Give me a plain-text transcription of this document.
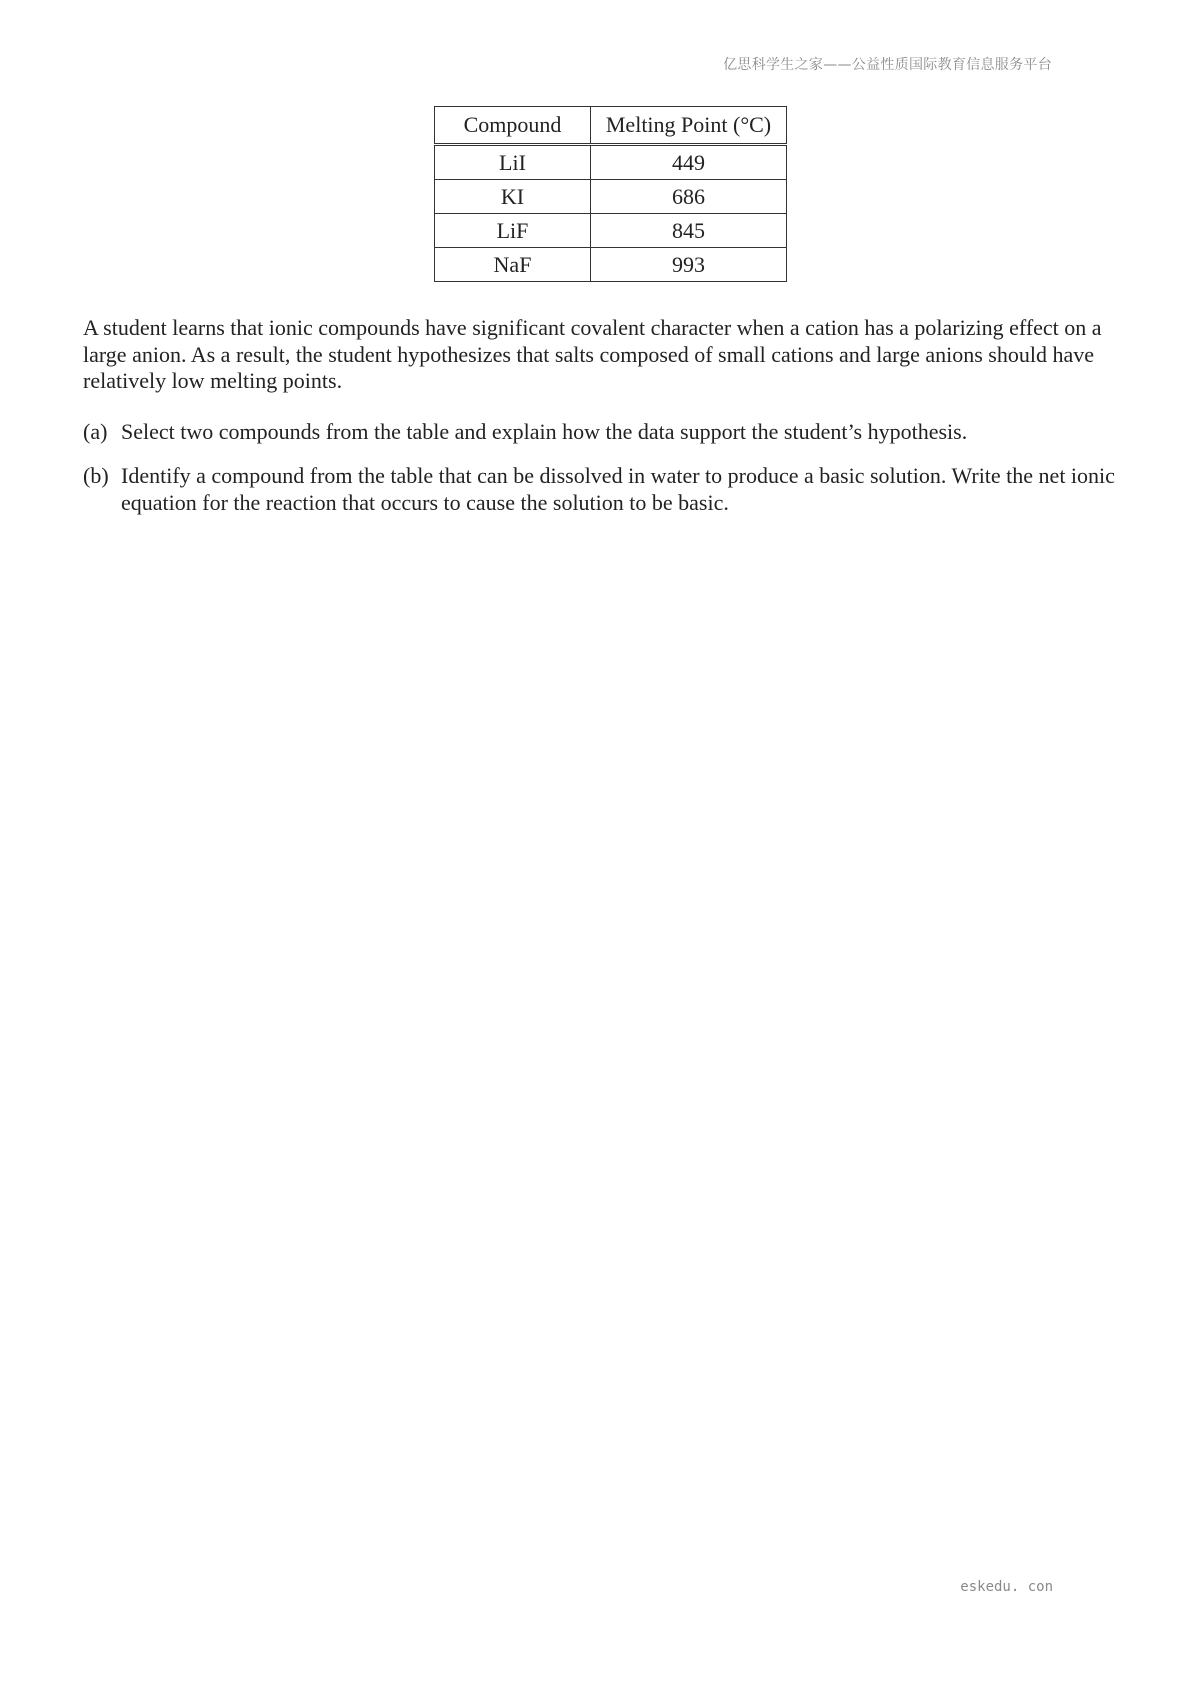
亿思科学生之家——公益性质国际教育信息服务平台
Compound	Melting Point (°C)
LiI	449
KI	686
LiF	845
NaF	993

A student learns that ionic compounds have significant covalent character when a cation has a polarizing effect on a large anion. As a result, the student hypothesizes that salts composed of small cations and large anions should have relatively low melting points.

(a) Select two compounds from the table and explain how the data support the student’s hypothesis.
(b) Identify a compound from the table that can be dissolved in water to produce a basic solution. Write the net ionic equation for the reaction that occurs to cause the solution to be basic.
eskedu. con
